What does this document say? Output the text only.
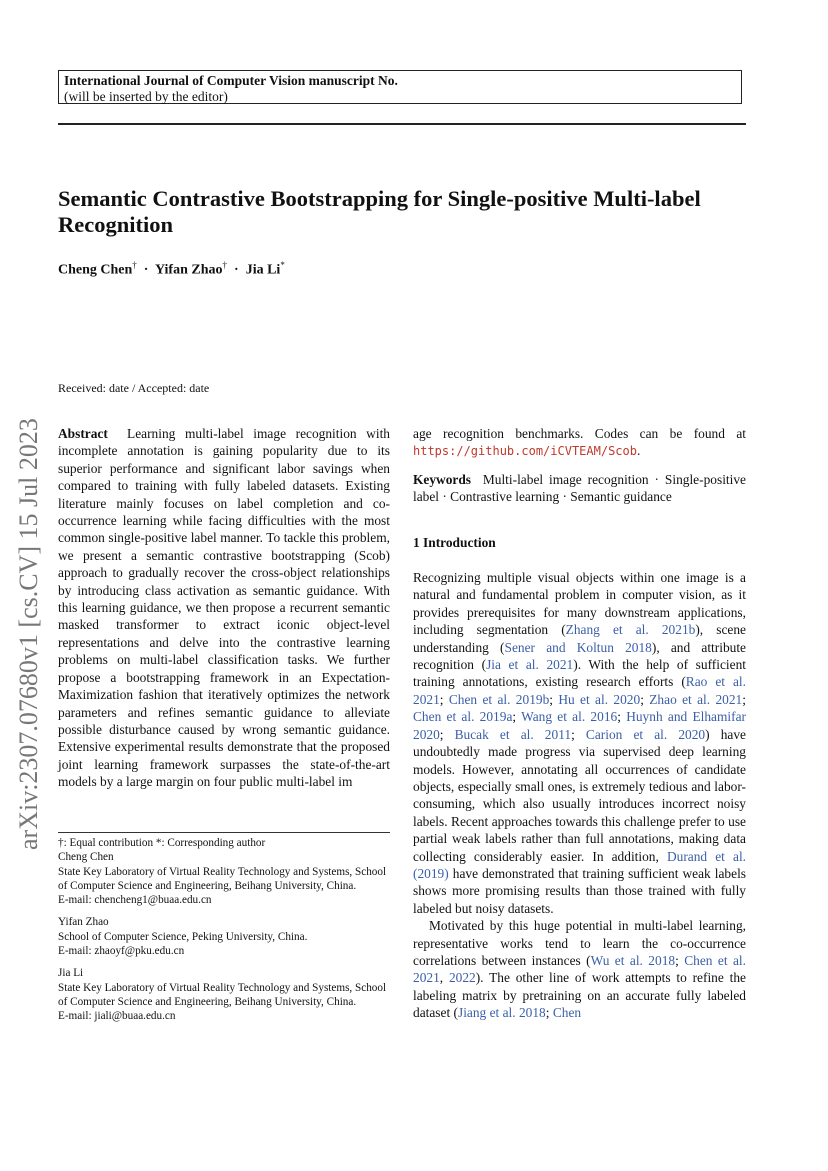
International Journal of Computer Vision manuscript No.
(will be inserted by the editor)
Semantic Contrastive Bootstrapping for Single-positive Multi-label Recognition
Cheng Chen† · Yifan Zhao† · Jia Li*
arXiv:2307.07680v1 [cs.CV] 15 Jul 2023
Received: date / Accepted: date

Abstract Learning multi-label image recognition with incomplete annotation is gaining popularity due to its superior performance and significant labor savings when compared to training with fully labeled datasets. Existing literature mainly focuses on label completion and co-occurrence learning while facing difficulties with the most common single-positive label manner. To tackle this problem, we present a semantic contrastive bootstrapping (Scob) approach to gradually recover the cross-object relationships by introducing class activation as semantic guidance. With this learning guidance, we then propose a recurrent semantic masked transformer to extract iconic object-level representations and delve into the contrastive learning problems on multi-label classification tasks. We further propose a bootstrapping framework in an Expectation-Maximization fashion that iteratively optimizes the network parameters and refines semantic guidance to alleviate possible disturbance caused by wrong semantic guidance. Extensive experimental results demonstrate that the proposed joint learning framework surpasses the state-of-the-art models by a large margin on four public multi-label im

†: Equal contribution *: Corresponding author
Cheng Chen
State Key Laboratory of Virtual Reality Technology and Systems, School of Computer Science and Engineering, Beihang University, China.
E-mail: chencheng1@buaa.edu.cn
Yifan Zhao
School of Computer Science, Peking University, China.
E-mail: zhaoyf@pku.edu.cn
Jia Li
State Key Laboratory of Virtual Reality Technology and Systems, School of Computer Science and Engineering, Beihang University, China.
E-mail: jiali@buaa.edu.cn

age recognition benchmarks. Codes can be found at https://github.com/iCVTEAM/Scob.

Keywords Multi-label image recognition · Single-positive label · Contrastive learning · Semantic guidance

1 Introduction

Recognizing multiple visual objects within one image is a natural and fundamental problem in computer vision, as it provides prerequisites for many downstream applications, including segmentation (Zhang et al. 2021b), scene understanding (Sener and Koltun 2018), and attribute recognition (Jia et al. 2021). With the help of sufficient training annotations, existing research efforts (Rao et al. 2021; Chen et al. 2019b; Hu et al. 2020; Zhao et al. 2021; Chen et al. 2019a; Wang et al. 2016; Huynh and Elhamifar 2020; Bucak et al. 2011; Carion et al. 2020) have undoubtedly made progress via supervised deep learning models. However, annotating all occurrences of candidate objects, especially small ones, is extremely tedious and labor-consuming, which also usually introduces incorrect noisy labels. Recent approaches towards this challenge prefer to use partial weak labels rather than full annotations, making data collecting considerably easier. In addition, Durand et al. (2019) have demonstrated that training sufficient weak labels shows more promising results than those trained with fully labeled but noisy datasets.

Motivated by this huge potential in multi-label learning, representative works tend to learn the co-occurrence correlations between instances (Wu et al. 2018; Chen et al. 2021, 2022). The other line of work attempts to refine the labeling matrix by pretraining on an accurate fully labeled dataset (Jiang et al. 2018; Chen
